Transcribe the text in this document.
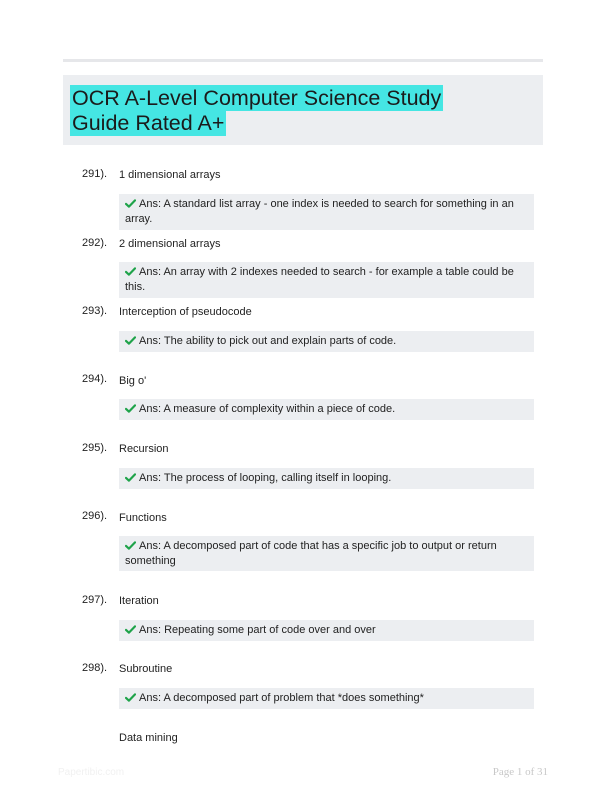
OCR A-Level Computer Science Study Guide Rated A+
291). 1 dimensional arrays
Ans: A standard list array - one index is needed to search for something in an array.
292). 2 dimensional arrays
Ans: An array with 2 indexes needed to search - for example a table could be this.
293). Interception of pseudocode
Ans: The ability to pick out and explain parts of code.
294). Big o'
Ans: A measure of complexity within a piece of code.
295). Recursion
Ans: The process of looping, calling itself in looping.
296). Functions
Ans: A decomposed part of code that has a specific job to output or return something
297). Iteration
Ans: Repeating some part of code over and over
298). Subroutine
Ans: A decomposed part of problem that *does something*
Data mining
Papertibic.com	Page 1 of 31
